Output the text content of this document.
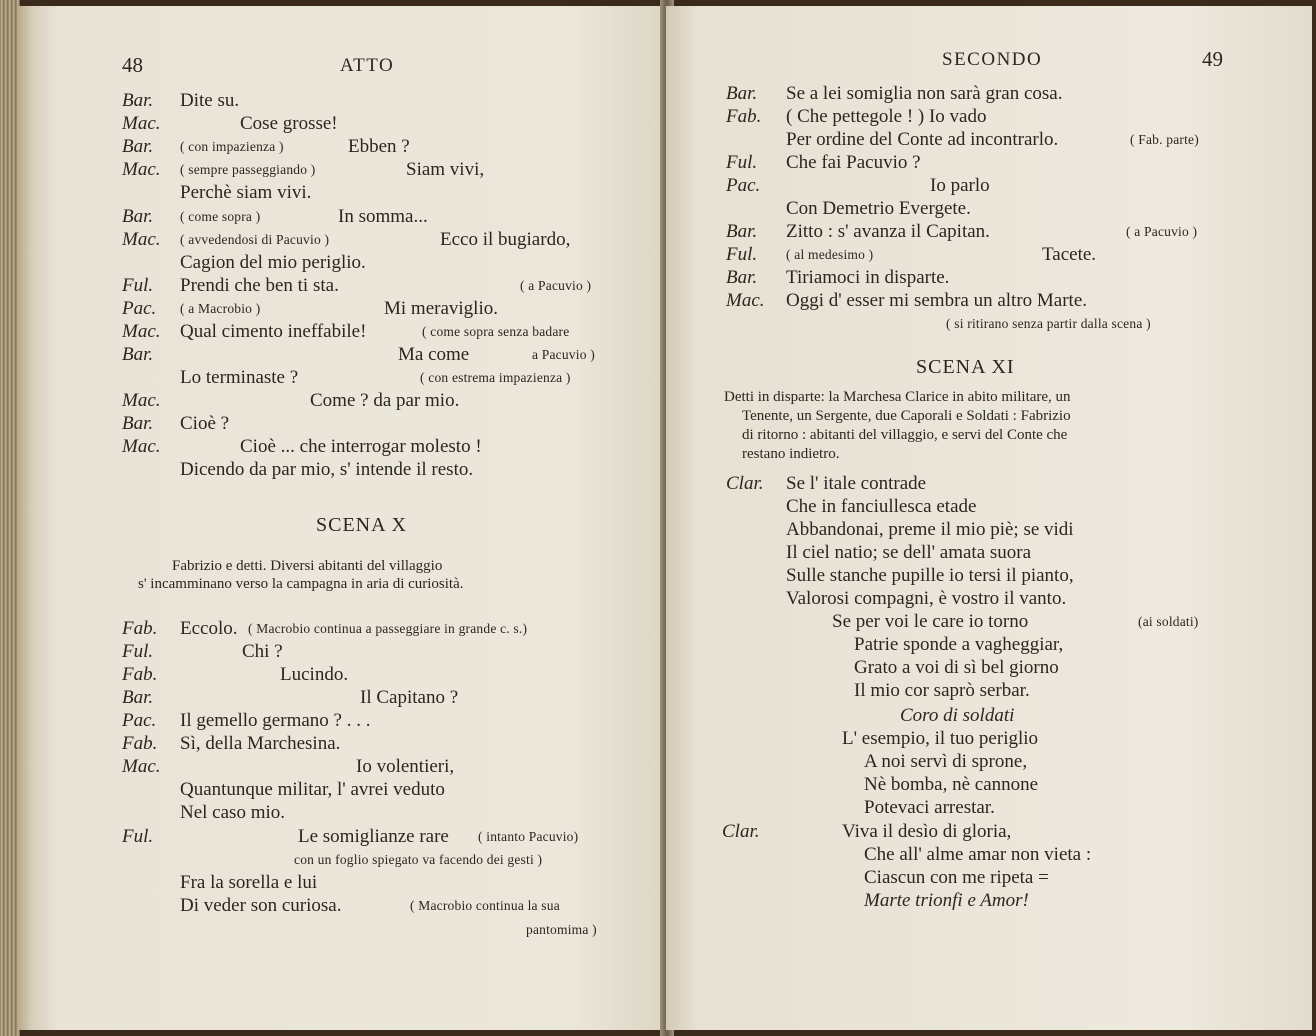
48	ATTO
Bar. Dite su.
Mac.	Cose grosse!
Bar. ( con impazienza )	Ebben ?
Mac. ( sempre passeggiando )	Siam vivi,
Perchè siam vivi.
Bar. ( come sopra )	In somma...
Mac. ( avvedendosi di Pacuvio )	Ecco il bugiardo,
Cagion del mio periglio.
Ful. Prendi che ben ti sta.	( a Pacuvio )
Pac. ( a Macrobio )	Mi meraviglio.
Mac. Qual cimento ineffabile!	( come sopra senza badare
Bar.	Ma come	a Pacuvio )
Lo terminaste ?	( con estrema impazienza )
Mac.	Come ? da par mio.
Bar. Cioè ?
Mac.	Cioè ... che interrogar molesto !
Dicendo da par mio, s' intende il resto.
SCENA X
Fabrizio e detti. Diversi abitanti del villaggio
s' incamminano verso la campagna in aria di curiosità.
Fab. Eccolo. ( Macrobio continua a passeggiare in grande c. s.)
Ful.	Chi ?
Fab.	Lucindo.
Bar.	Il Capitano ?
Pac. Il gemello germano ? . . .
Fab. Sì, della Marchesina.
Mac.	Io volentieri,
Quantunque militar, l' avrei veduto
Nel caso mio.
Ful.	Le somiglianze rare ( intanto Pacuvio)
con un foglio spiegato va facendo dei gesti )
Fra la sorella e lui
Di veder son curiosa.	( Macrobio continua la sua
pantomima )
SECONDO	49
Bar. Se a lei somiglia non sarà gran cosa.
Fab. ( Che pettegole ! ) Io vado
Per ordine del Conte ad incontrarlo.	( Fab. parte)
Ful. Che fai Pacuvio ?
Pac.	Io parlo
Con Demetrio Evergete.
Bar. Zitto : s' avanza il Capitan.	( a Pacuvio )
Ful. ( al medesimo )	Tacete.
Bar. Tiriamoci in disparte.
Mac. Oggi d' esser mi sembra un altro Marte.
( si ritirano senza partir dalla scena )
SCENA XI
Detti in disparte: la Marchesa Clarice in abito militare, un
Tenente, un Sergente, due Caporali e Soldati : Fabrizio
di ritorno : abitanti del villaggio, e servi del Conte che
restano indietro.
Clar. Se l' itale contrade
Che in fanciullesca etade
Abbandonai, preme il mio piè; se vidi
Il ciel natio; se dell' amata suora
Sulle stanche pupille io tersi il pianto,
Valorosi compagni, è vostro il vanto.
Se per voi le care io torno	(ai soldati)
Patrie sponde a vagheggiar,
Grato a voi di sì bel giorno
Il mio cor saprò serbar.
Coro di soldati
L' esempio, il tuo periglio
A noi servì di sprone,
Nè bomba, nè cannone
Potevaci arrestar.
Clar.	Viva il desìo di gloria,
Che all' alme amar non vieta :
Ciascun con me ripeta =
Marte trionfi e Amor!
